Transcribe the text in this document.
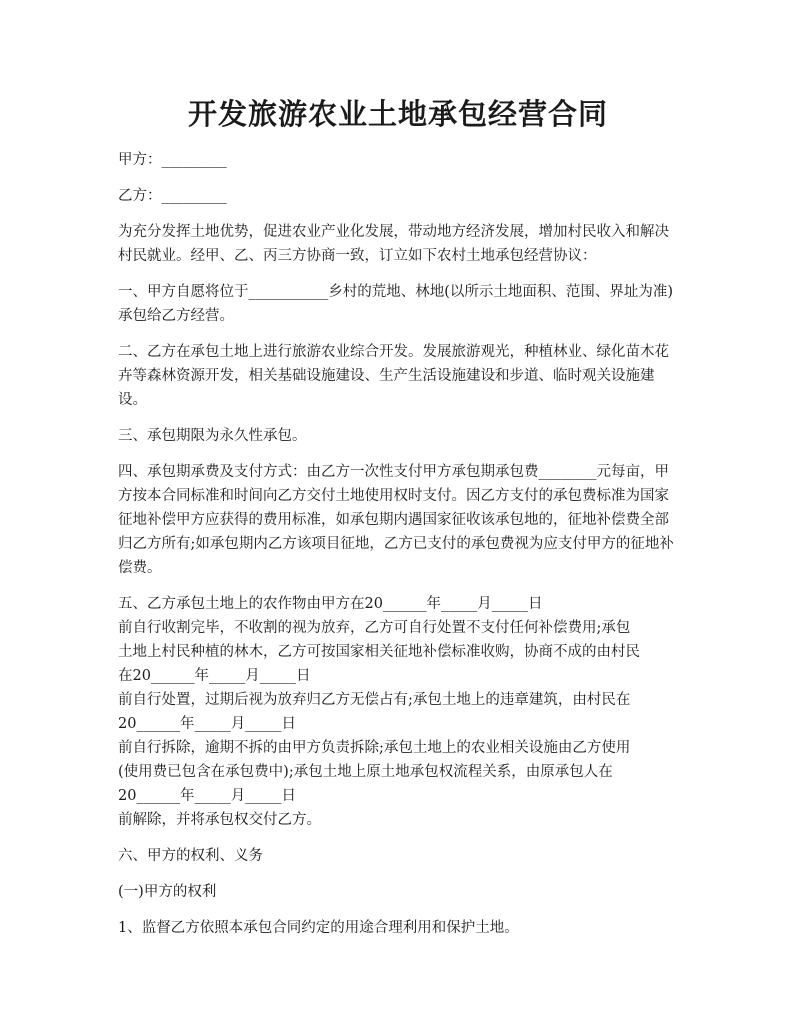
开发旅游农业土地承包经营合同

甲方：_________

乙方：_________

为充分发挥土地优势，促进农业产业化发展，带动地方经济发展，增加村民收入和解决村民就业。经甲、乙、丙三方协商一致，订立如下农村土地承包经营协议：

一、甲方自愿将位于___________乡村的荒地、林地(以所示土地面积、范围、界址为准)承包给乙方经营。

二、乙方在承包土地上进行旅游农业综合开发。发展旅游观光，种植林业、绿化苗木花卉等森林资源开发，相关基础设施建设、生产生活设施建设和步道、临时观关设施建设。

三、承包期限为永久性承包。

四、承包期承费及支付方式：由乙方一次性支付甲方承包期承包费________元每亩，甲方按本合同标准和时间向乙方交付土地使用权时支付。因乙方支付的承包费标准为国家征地补偿甲方应获得的费用标准，如承包期内遇国家征收该承包地的，征地补偿费全部归乙方所有;如承包期内乙方该项目征地，乙方已支付的承包费视为应支付甲方的征地补偿费。

五、乙方承包土地上的农作物由甲方在20______年_____月_____日
前自行收割完毕，不收割的视为放弃，乙方可自行处置不支付任何补偿费用;承包
土地上村民种植的林木，乙方可按国家相关征地补偿标准收购，协商不成的由村民
在20______年_____月_____日
前自行处置，过期后视为放弃归乙方无偿占有;承包土地上的违章建筑，由村民在
20______年_____月_____日
前自行拆除，逾期不拆的由甲方负责拆除;承包土地上的农业相关设施由乙方使用
(使用费已包含在承包费中);承包土地上原土地承包权流程关系，由原承包人在
20______年_____月_____日
前解除，并将承包权交付乙方。

六、甲方的权利、义务

(一)甲方的权利

1、监督乙方依照本承包合同约定的用途合理利用和保护土地。
